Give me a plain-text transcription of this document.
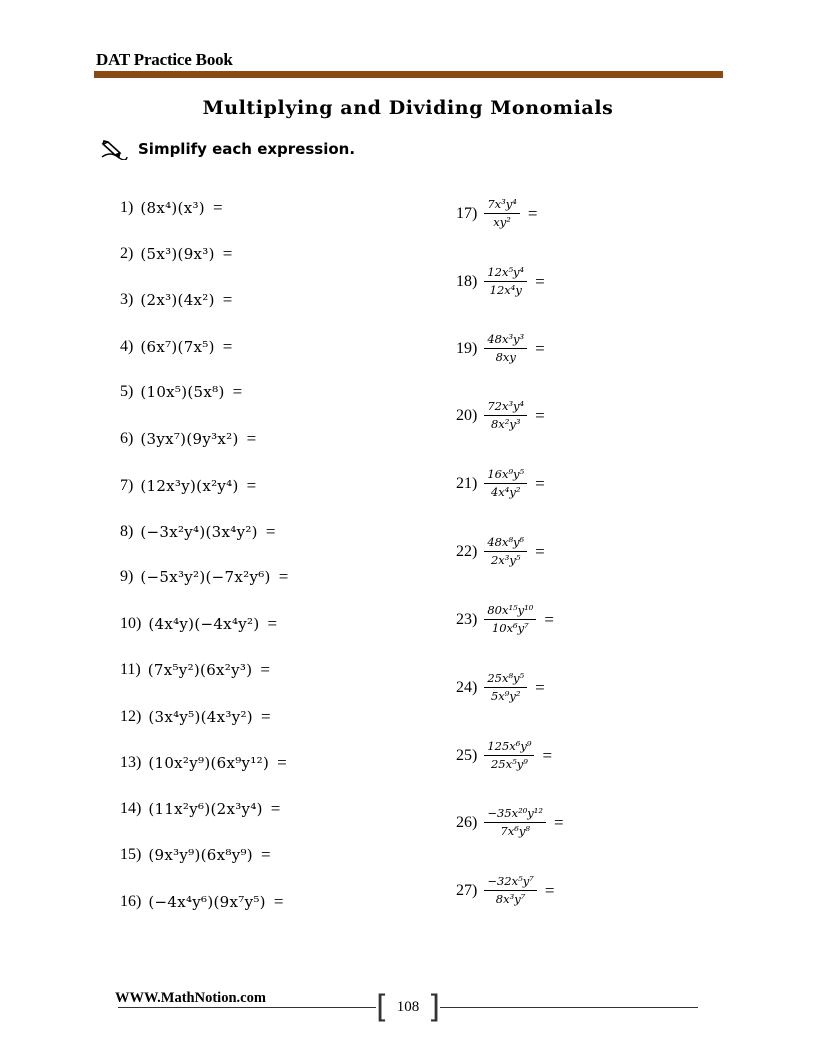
DAT Practice Book
Multiplying and Dividing Monomials
Simplify each expression.
1) (8x⁴)(x³) =
2) (5x³)(9x³) =
3) (2x³)(4x²) =
4) (6x⁷)(7x⁵) =
5) (10x⁵)(5x⁸) =
6) (3yx⁷)(9y³x²) =
7) (12x³y)(x²y⁴) =
8) (−3x²y⁴)(3x⁴y²) =
9) (−5x³y²)(−7x²y⁶) =
10) (4x⁴y)(−4x⁴y²) =
11) (7x⁵y²)(6x²y³) =
12) (3x⁴y⁵)(4x³y²) =
13) (10x²y⁹)(6x⁹y¹²) =
14) (11x²y⁶)(2x³y⁴) =
15) (9x³y⁹)(6x⁸y⁹) =
16) (−4x⁴y⁶)(9x⁷y⁵) =
$17) \frac{\text{7x³y⁴}}{\text{xy²}}$ =
$18) \frac{\text{12x⁵y⁴}}{\text{12x⁴y}}$ =
$19) \frac{\text{48x³y³}}{8xy}$ =
$20) \frac{\text{72x³y⁴}}{\text{8x²y³}}$ =
$21) \frac{\text{16x⁹y⁵}}{\text{4x⁴y²}}$ =
$22) \frac{\text{48x⁸y⁶}}{\text{2x³y⁵}}$ =
$23) \frac{\text{80x¹⁵y¹⁰}}{\text{10x⁶y⁷}}$ =
$24) \frac{\text{25x⁸y⁵}}{\text{5x⁹y²}}$ =
$25) \frac{\text{125x⁶y⁹}}{\text{25x⁵y⁹}}$ =
$26) \frac{\text{−35x²⁰y¹²}}{\text{7x⁶y⁸}}$ =
$27) \frac{\text{−32x⁵y⁷}}{\text{8x³y⁷}}$ =
WWW.MathNotion.com	[ 108 ]
